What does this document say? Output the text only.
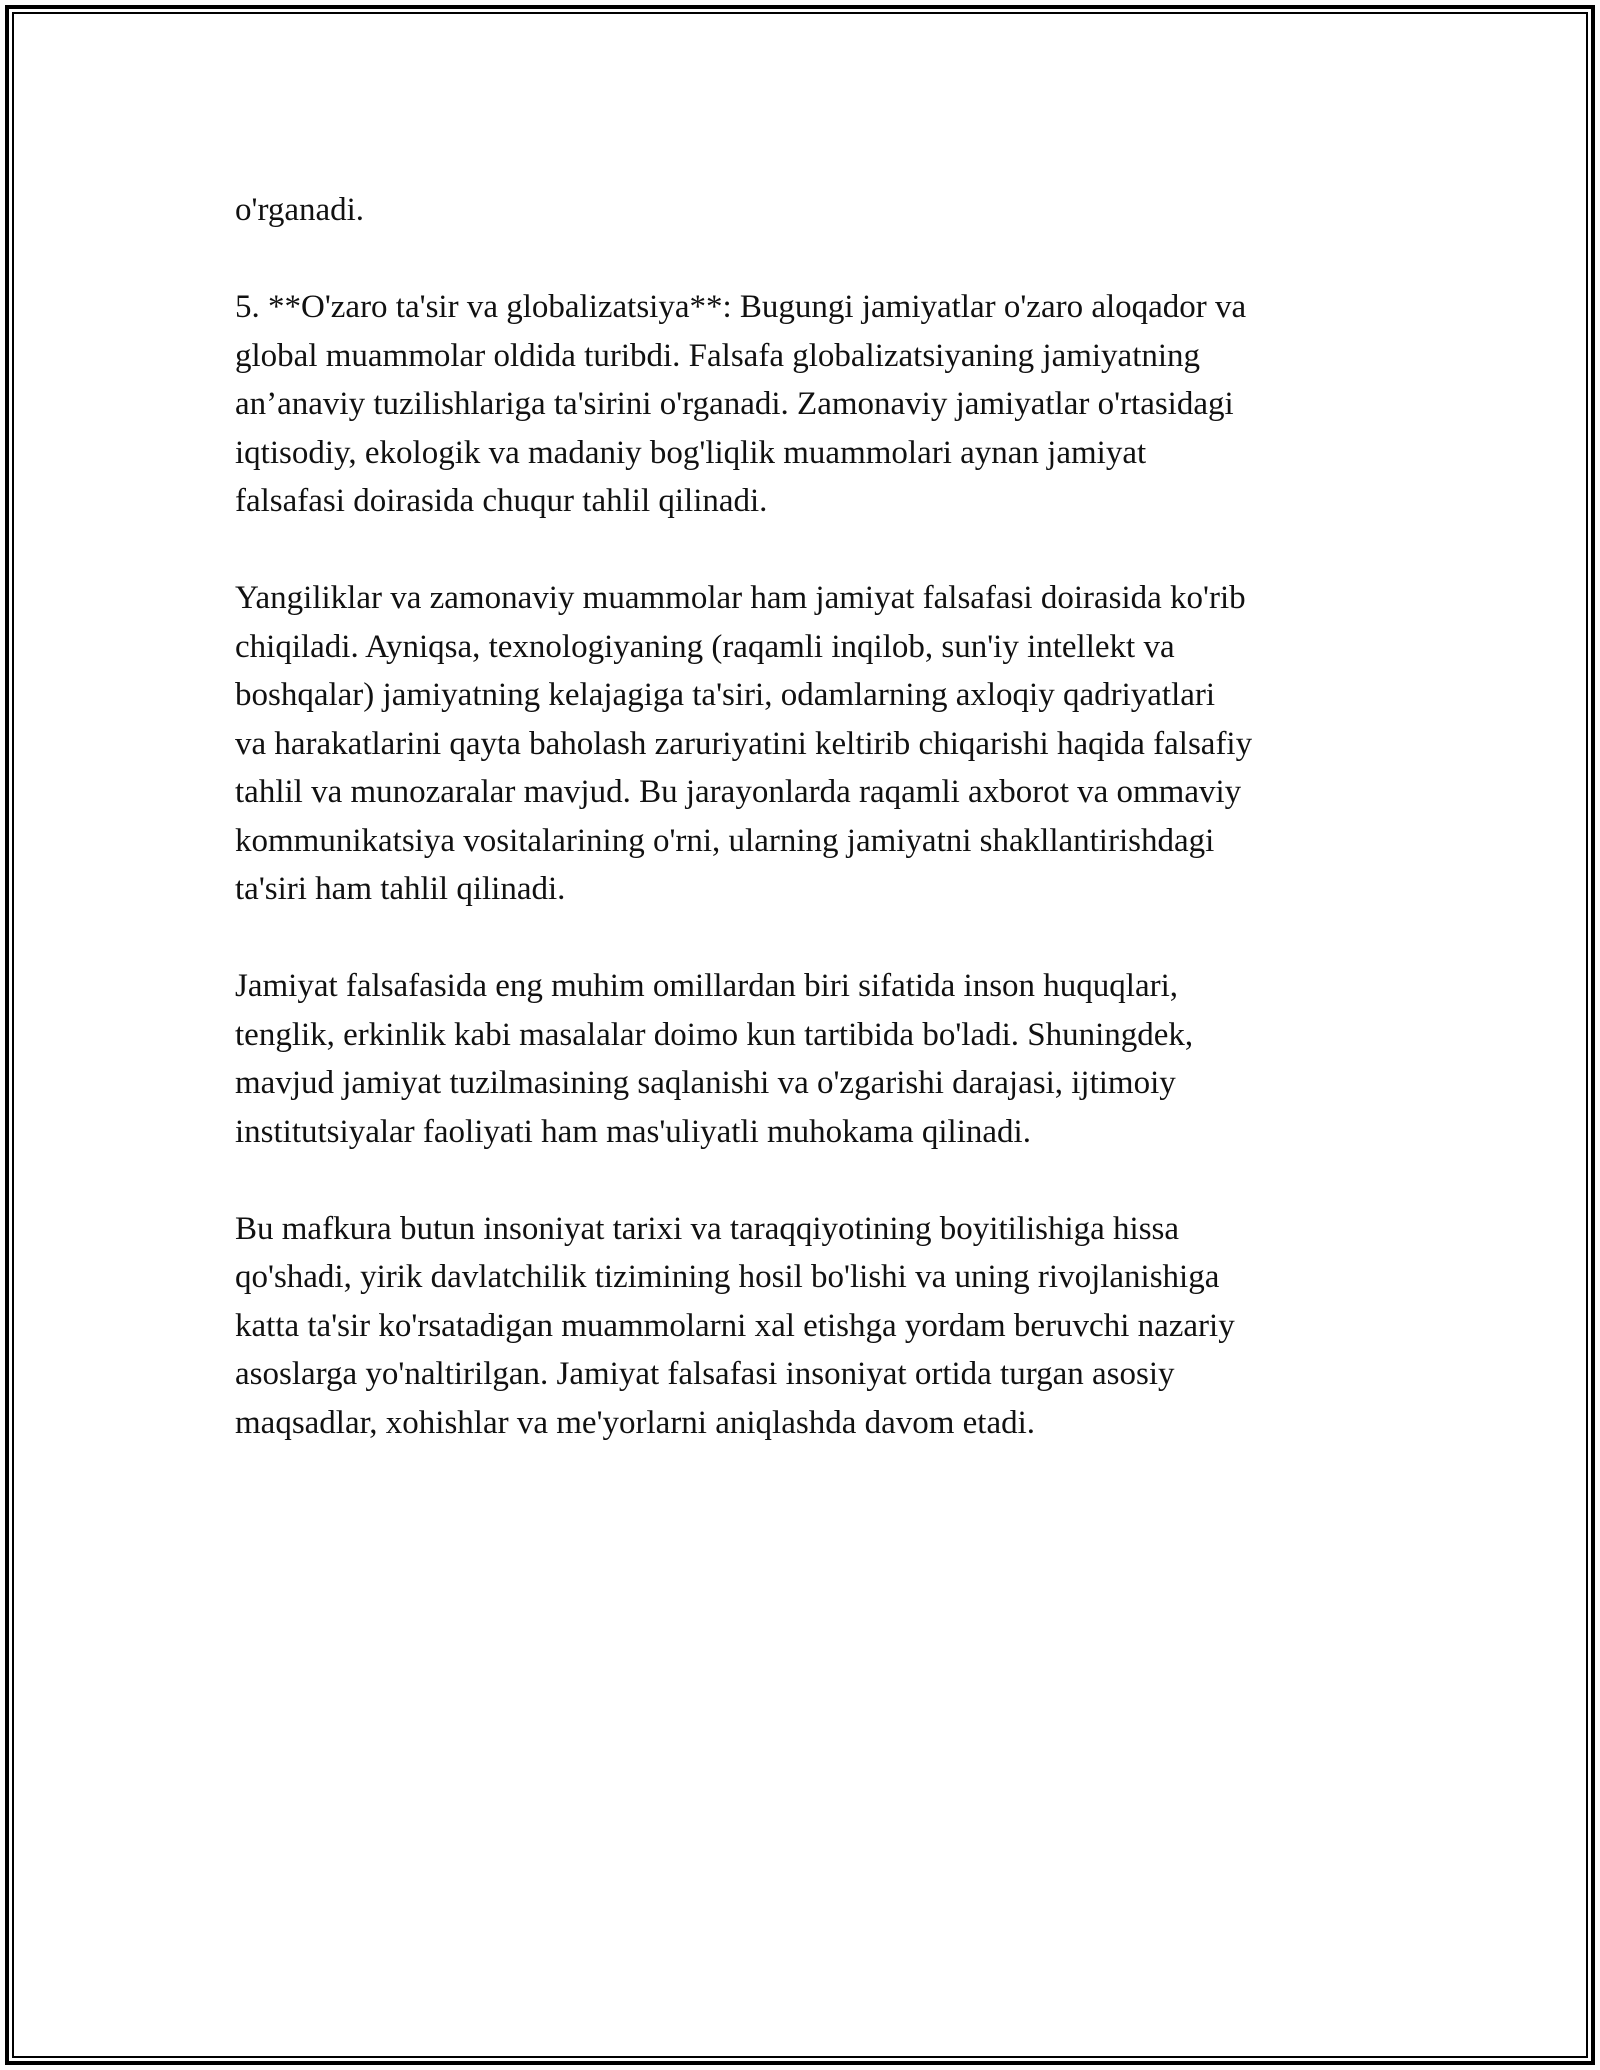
o'rganadi.

5. **O'zaro ta'sir va globalizatsiya**: Bugungi jamiyatlar o'zaro aloqador va
global muammolar oldida turibdi. Falsafa globalizatsiyaning jamiyatning
an’anaviy tuzilishlariga ta'sirini o'rganadi. Zamonaviy jamiyatlar o'rtasidagi
iqtisodiy, ekologik va madaniy bog'liqlik muammolari aynan jamiyat
falsafasi doirasida chuqur tahlil qilinadi.

Yangiliklar va zamonaviy muammolar ham jamiyat falsafasi doirasida ko'rib
chiqiladi. Ayniqsa, texnologiyaning (raqamli inqilob, sun'iy intellekt va
boshqalar) jamiyatning kelajagiga ta'siri, odamlarning axloqiy qadriyatlari
va harakatlarini qayta baholash zaruriyatini keltirib chiqarishi haqida falsafiy
tahlil va munozaralar mavjud. Bu jarayonlarda raqamli axborot va ommaviy
kommunikatsiya vositalarining o'rni, ularning jamiyatni shakllantirishdagi
ta'siri ham tahlil qilinadi.

Jamiyat falsafasida eng muhim omillardan biri sifatida inson huquqlari,
tenglik, erkinlik kabi masalalar doimo kun tartibida bo'ladi. Shuningdek,
mavjud jamiyat tuzilmasining saqlanishi va o'zgarishi darajasi, ijtimoiy
institutsiyalar faoliyati ham mas'uliyatli muhokama qilinadi.

Bu mafkura butun insoniyat tarixi va taraqqiyotining boyitilishiga hissa
qo'shadi, yirik davlatchilik tizimining hosil bo'lishi va uning rivojlanishiga
katta ta'sir ko'rsatadigan muammolarni xal etishga yordam beruvchi nazariy
asoslarga yo'naltirilgan. Jamiyat falsafasi insoniyat ortida turgan asosiy
maqsadlar, xohishlar va me'yorlarni aniqlashda davom etadi.
